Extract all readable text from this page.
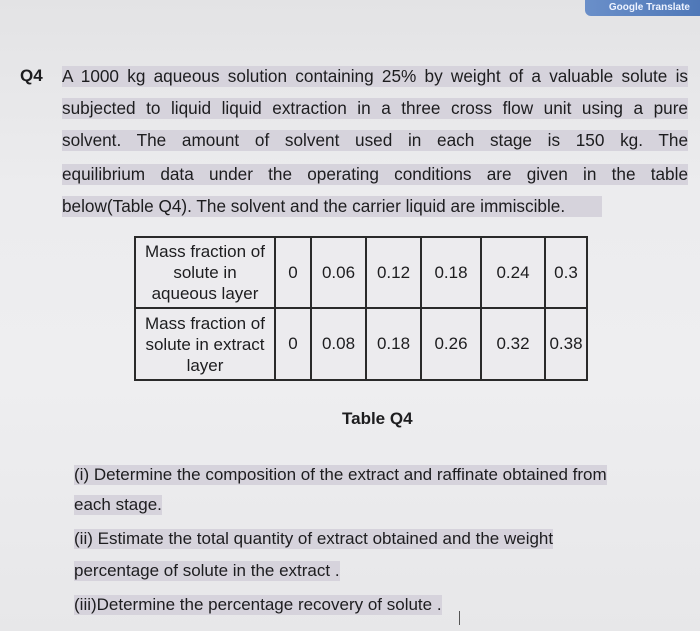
Google Translate
Q4 A 1000 kg aqueous solution containing 25% by weight of a valuable solute is
subjected to liquid liquid extraction in a three cross flow unit using a pure
solvent. The amount of solvent used in each stage is 150 kg. The
equilibrium data under the operating conditions are given in the table
below(Table Q4). The solvent and the carrier liquid are immiscible.
Mass fraction of
solute in
aqueous layer	0	0.06	0.12	0.18	0.24	0.3

Mass fraction of
solute in extract
layer	0	0.08	0.18	0.26	0.32	0.38
Table Q4
(i) Determine the composition of the extract and raffinate obtained from
each stage.
(ii) Estimate the total quantity of extract obtained and the weight
percentage of solute in the extract .
(iii)Determine the percentage recovery of solute .
